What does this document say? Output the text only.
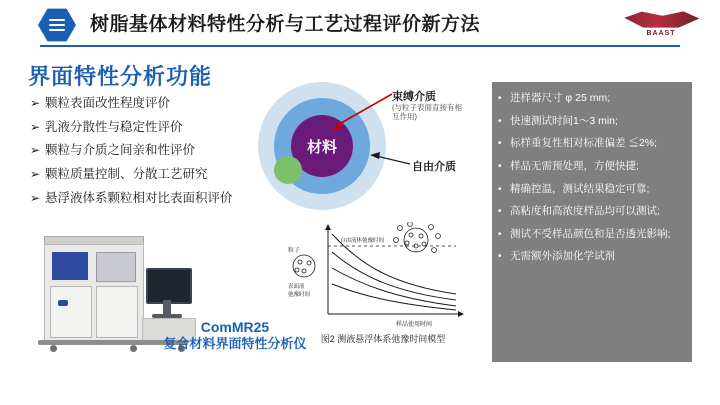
树脂基体材料特性分析与工艺过程评价新方法	BAAST
界面特性分析功能
➢ 颗粒表面改性程度评价
➢ 乳液分散性与稳定性评价
➢ 颗粒与介质之间亲和性评价
➢ 颗粒质量控制、分散工艺研究
➢ 悬浮液体系颗粒相对比表面积评价
ComMR25
复合材料界面特性分析仪
材料
束缚介质
(与粒子表面直接有相互作用)
自由介质
粒子
表面液
弛豫时间
自由液体弛豫时间
样品使用时间
图2 测液悬浮体系弛豫时间模型
• 进样器尺寸 φ 25 mm;
• 快速测试时间1～3 min;
• 标样重复性相对标准偏差 ≦2%;
• 样品无需预处理，方便快捷;
• 精确控温，测试结果稳定可靠;
• 高粘度和高浓度样品均可以测试;
• 测试不受样品颜色和是否透光影响;
• 无需额外添加化学试剂
